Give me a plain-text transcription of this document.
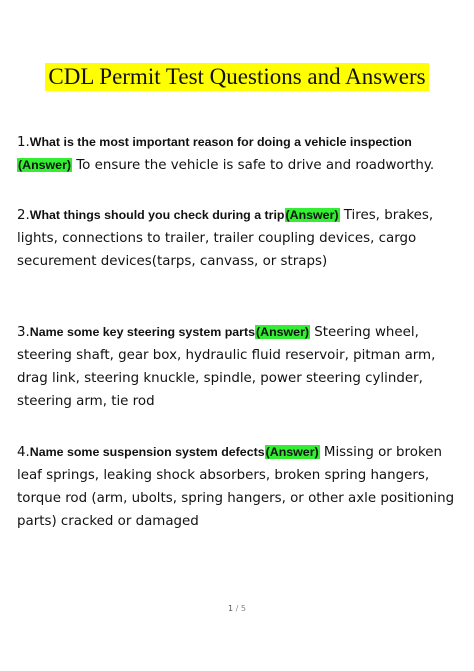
CDL Permit Test Questions and Answers
1.What is the most important reason for doing a vehicle inspection
(Answer) To ensure the vehicle is safe to drive and roadworthy.
2.What things should you check during a trip(Answer) Tires, brakes, lights, connections to trailer, trailer coupling devices, cargo securement devices(tarps, canvass, or straps)
3.Name some key steering system parts(Answer) Steering wheel, steering shaft, gear box, hydraulic fluid reservoir, pitman arm, drag link, steering knuckle, spindle, power steering cylinder, steering arm, tie rod
4.Name some suspension system defects(Answer) Missing or broken leaf springs, leaking shock absorbers, broken spring hangers, torque rod (arm, ubolts, spring hangers, or other axle positioning parts) cracked or damaged
1 / 5
